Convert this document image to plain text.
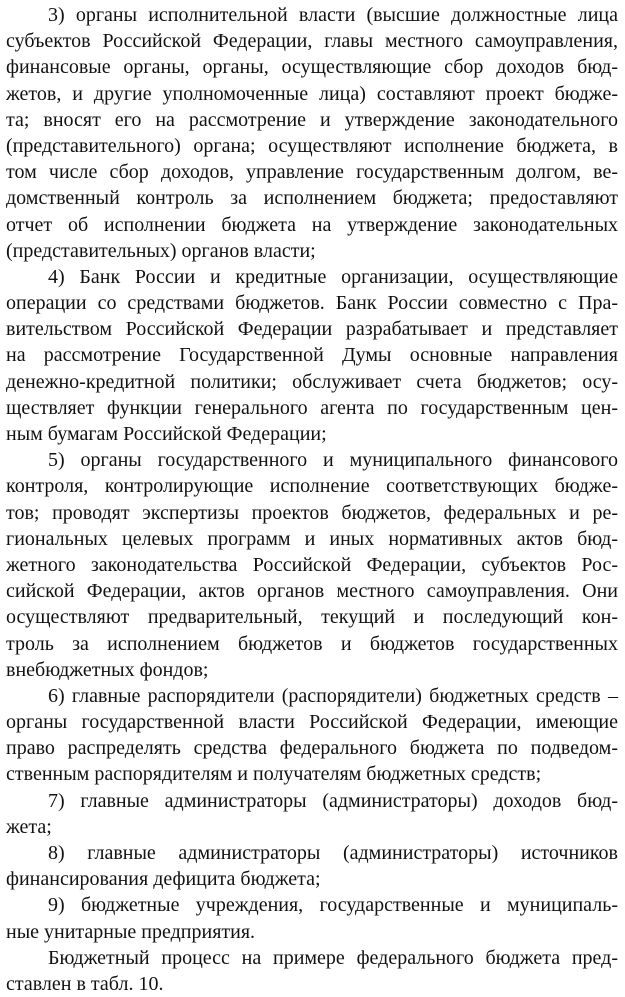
3) органы исполнительной власти (высшие должностные лица
субъектов Российской Федерации, главы местного самоуправления,
финансовые органы, органы, осуществляющие сбор доходов бюд-
жетов, и другие уполномоченные лица) составляют проект бюдже-
та; вносят его на рассмотрение и утверждение законодательного
(представительного) органа; осуществляют исполнение бюджета, в
том числе сбор доходов, управление государственным долгом, ве-
домственный контроль за исполнением бюджета; предоставляют
отчет об исполнении бюджета на утверждение законодательных
(представительных) органов власти;
4) Банк России и кредитные организации, осуществляющие
операции со средствами бюджетов. Банк России совместно с Пра-
вительством Российской Федерации разрабатывает и представляет
на рассмотрение Государственной Думы основные направления
денежно-кредитной политики; обслуживает счета бюджетов; осу-
ществляет функции генерального агента по государственным цен-
ным бумагам Российской Федерации;
5) органы государственного и муниципального финансового
контроля, контролирующие исполнение соответствующих бюдже-
тов; проводят экспертизы проектов бюджетов, федеральных и ре-
гиональных целевых программ и иных нормативных актов бюд-
жетного законодательства Российской Федерации, субъектов Рос-
сийской Федерации, актов органов местного самоуправления. Они
осуществляют предварительный, текущий и последующий кон-
троль за исполнением бюджетов и бюджетов государственных
внебюджетных фондов;
6) главные распорядители (распорядители) бюджетных средств –
органы государственной власти Российской Федерации, имеющие
право распределять средства федерального бюджета по подведом-
ственным распорядителям и получателям бюджетных средств;
7) главные администраторы (администраторы) доходов бюд-
жета;
8) главные администраторы (администраторы) источников
финансирования дефицита бюджета;
9) бюджетные учреждения, государственные и муниципаль-
ные унитарные предприятия.
Бюджетный процесс на примере федерального бюджета пред-
ставлен в табл. 10.
